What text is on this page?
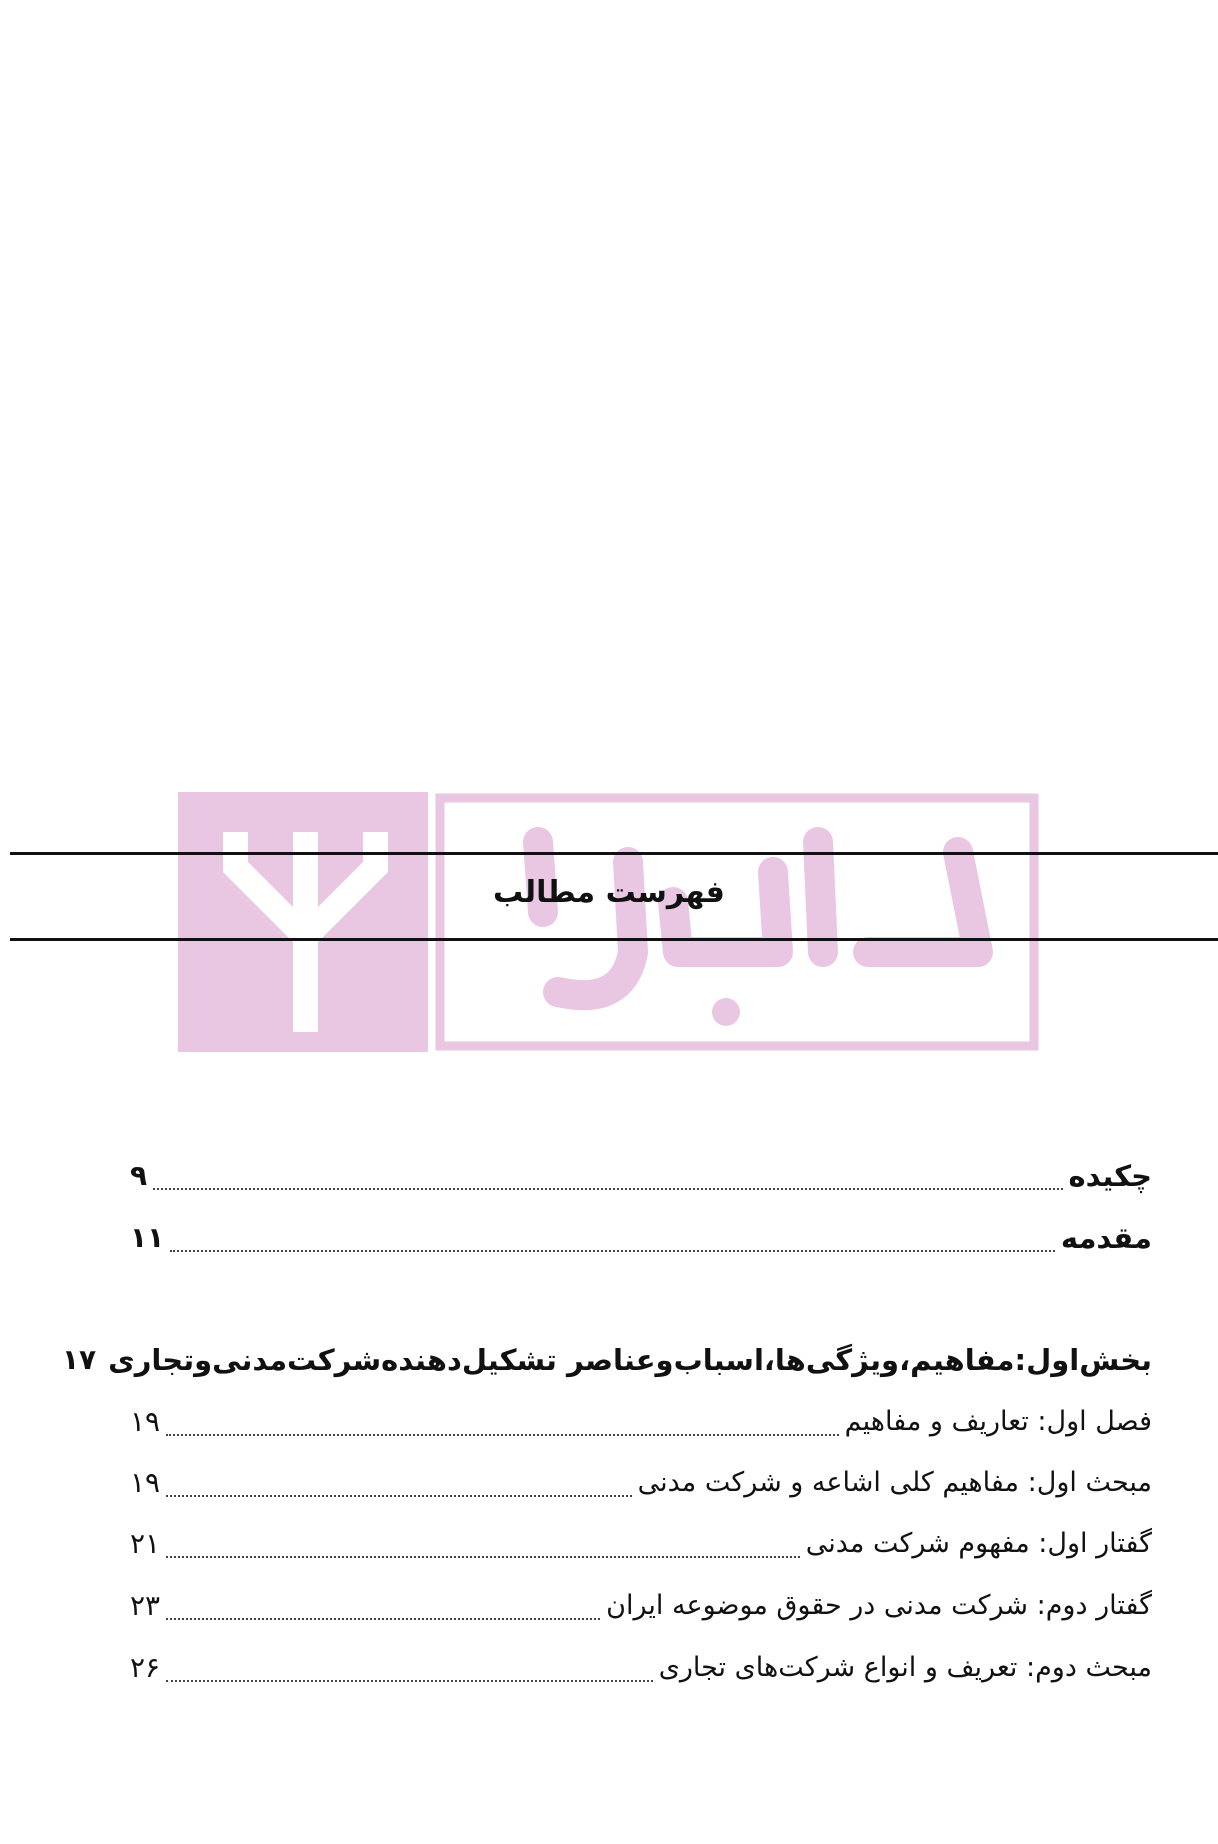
دادبازار
فهرست مطالب
چکیده
۹
مقدمه
۱۱
بخش‌اول:مفاهیم،ویژگی‌ها،اسباب‌وعناصر تشکیل‌دهنده‌شرکت‌مدنی‌وتجاری
۱۷
فصل اول: تعاریف و مفاهیم
۱۹
مبحث اول: مفاهیم کلی اشاعه و شرکت مدنی
۱۹
گفتار اول: مفهوم شرکت مدنی
۲۱
گفتار دوم: شرکت مدنی در حقوق موضوعه ایران
۲۳
مبحث دوم: تعریف و انواع شرکت‌های تجاری
۲۶
